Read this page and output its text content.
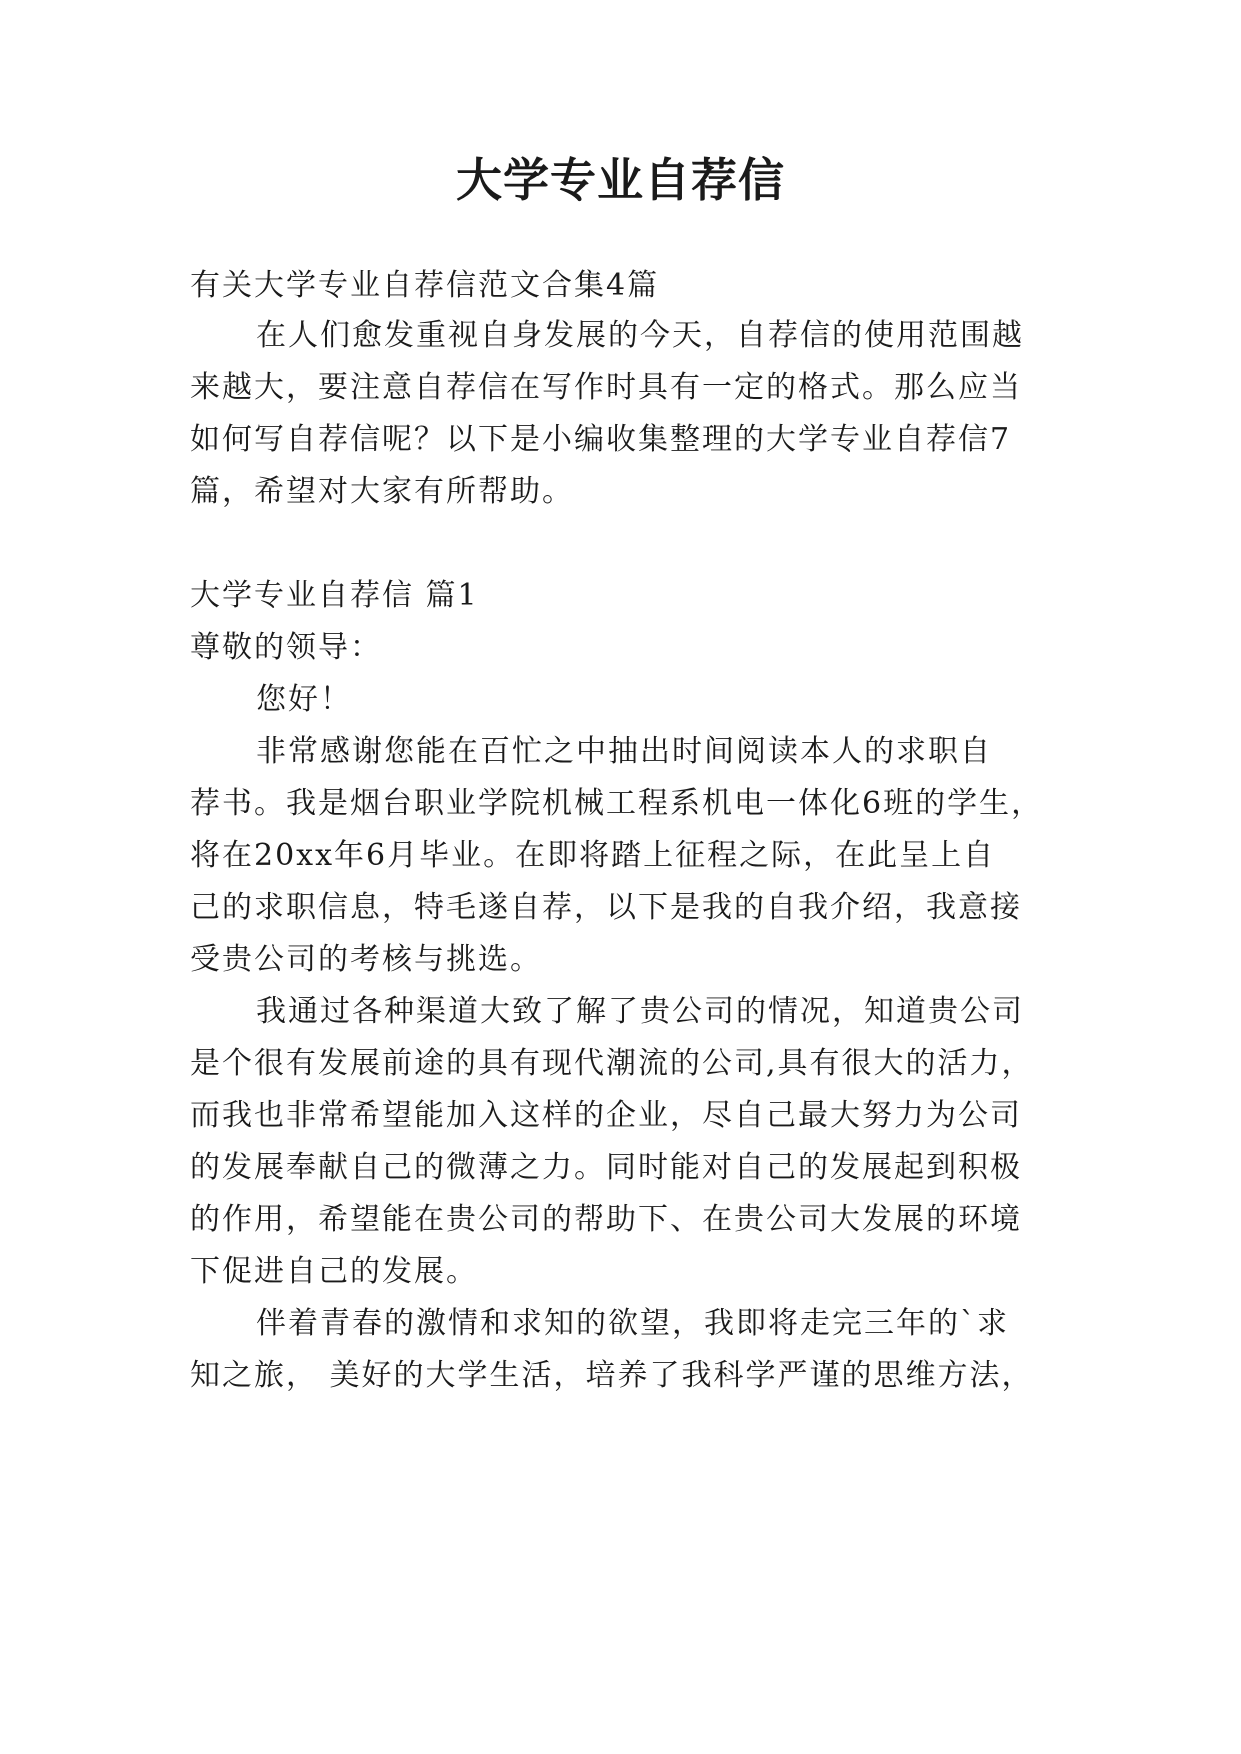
大学专业自荐信

有关大学专业自荐信范文合集4篇

在人们愈发重视自身发展的今天，自荐信的使用范围越

来越大，要注意自荐信在写作时具有一定的格式。那么应当

如何写自荐信呢？以下是小编收集整理的大学专业自荐信7

篇，希望对大家有所帮助。

大学专业自荐信 篇1

尊敬的领导：

您好！

非常感谢您能在百忙之中抽出时间阅读本人的求职自

荐书。我是烟台职业学院机械工程系机电一体化6班的学生，

将在20xx年6月毕业。在即将踏上征程之际，在此呈上自

己的求职信息，特毛遂自荐，以下是我的自我介绍，我意接

受贵公司的考核与挑选。

我通过各种渠道大致了解了贵公司的情况，知道贵公司

是个很有发展前途的具有现代潮流的公司,具有很大的活力，

而我也非常希望能加入这样的企业，尽自己最大努力为公司

的发展奉献自己的微薄之力。同时能对自己的发展起到积极

的作用，希望能在贵公司的帮助下、在贵公司大发展的环境

下促进自己的发展。

伴着青春的激情和求知的欲望，我即将走完三年的`求

知之旅， 美好的大学生活，培养了我科学严谨的思维方法，
